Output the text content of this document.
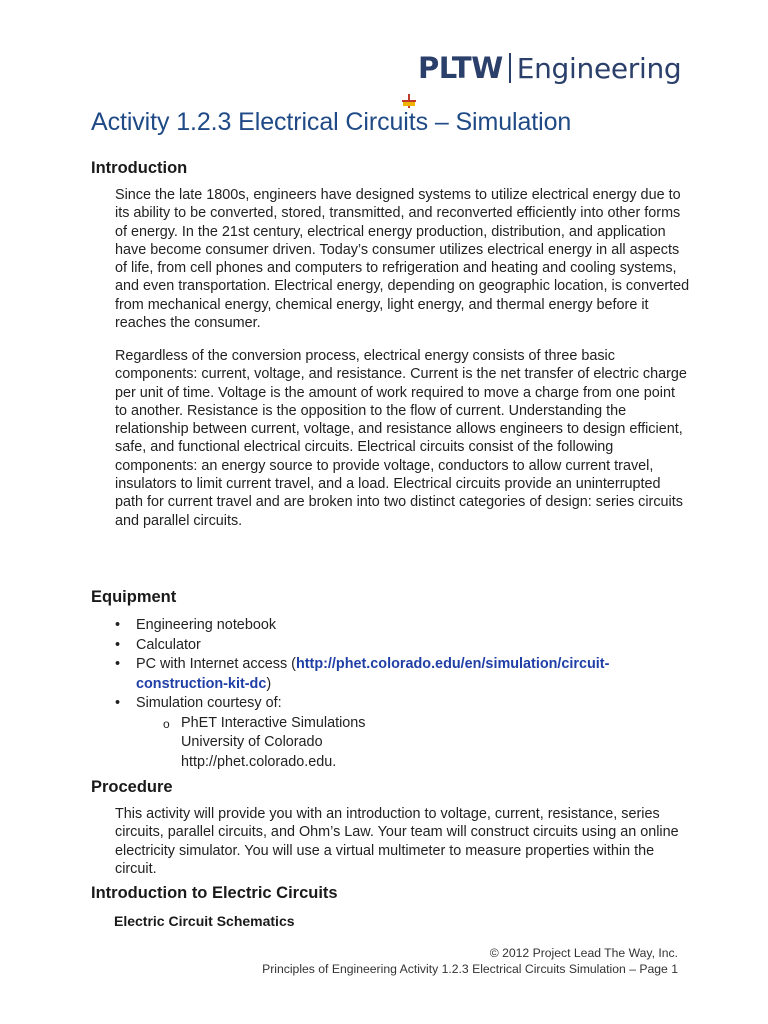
PLTW Engineering
Activity 1.2.3 Electrical Circuits – Simulation
Introduction

Since the late 1800s, engineers have designed systems to utilize electrical energy due to its ability to be converted, stored, transmitted, and reconverted efficiently into other forms of energy. In the 21st century, electrical energy production, distribution, and application have become consumer driven. Today’s consumer utilizes electrical energy in all aspects of life, from cell phones and computers to refrigeration and heating and cooling systems, and even transportation. Electrical energy, depending on geographic location, is converted from mechanical energy, chemical energy, light energy, and thermal energy before it reaches the consumer.

Regardless of the conversion process, electrical energy consists of three basic components: current, voltage, and resistance. Current is the net transfer of electric charge per unit of time. Voltage is the amount of work required to move a charge from one point to another. Resistance is the opposition to the flow of current. Understanding the relationship between current, voltage, and resistance allows engineers to design efficient, safe, and functional electrical circuits. Electrical circuits consist of the following components: an energy source to provide voltage, conductors to allow current travel, insulators to limit current travel, and a load. Electrical circuits provide an uninterrupted path for current travel and are broken into two distinct categories of design: series circuits and parallel circuits.

Equipment
• Engineering notebook
• Calculator
• PC with Internet access (http://phet.colorado.edu/en/simulation/circuit-construction-kit-dc)
• Simulation courtesy of:
o PhET Interactive Simulations
University of Colorado
http://phet.colorado.edu.
Procedure

This activity will provide you with an introduction to voltage, current, resistance, series circuits, parallel circuits, and Ohm’s Law. Your team will construct circuits using an online electricity simulator. You will use a virtual multimeter to measure properties within the circuit.

Introduction to Electric Circuits
Electric Circuit Schematics
© 2012 Project Lead The Way, Inc.
Principles of Engineering Activity 1.2.3 Electrical Circuits Simulation – Page 1
